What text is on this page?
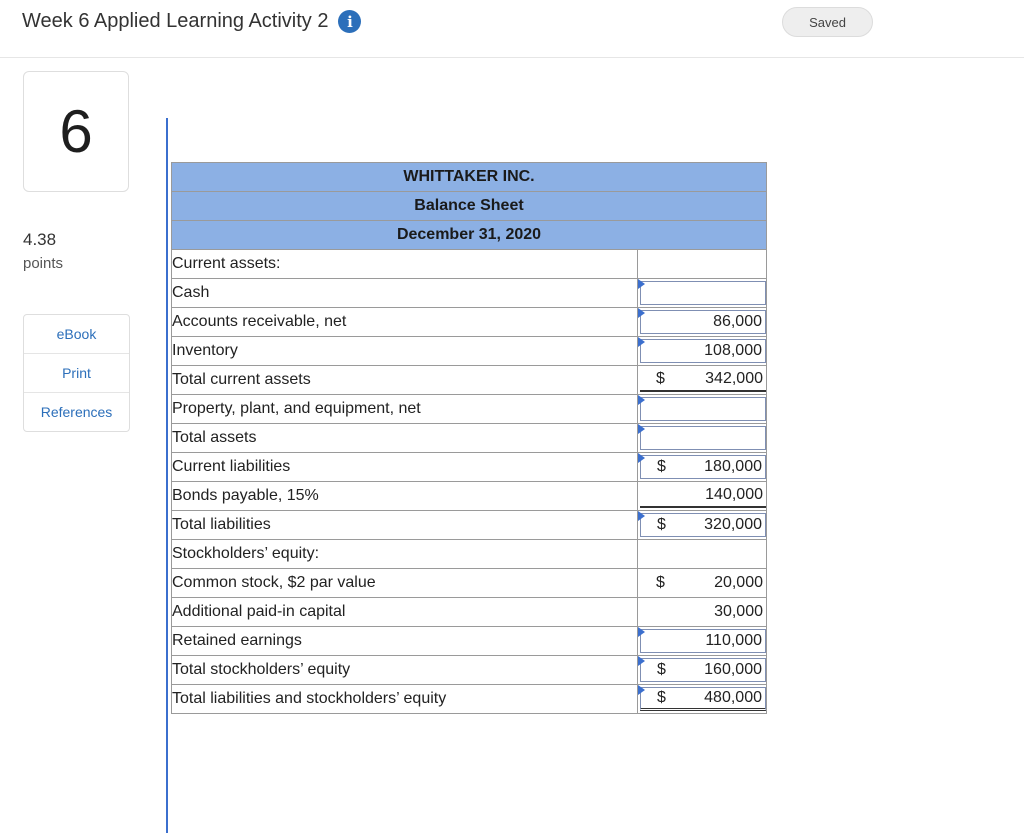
Week 6 Applied Learning Activity 2	i	Saved
6
4.38
points
eBook
Print
References
WHITTAKER INC.	
Balance Sheet	
December 31, 2020	
Current assets:	
Cash	

Accounts receivable, net	86,000

Inventory	108,000

Total current assets	$ 342,000

Property, plant, and equipment, net	

Total assets	

Current liabilities	$ 180,000

Bonds payable, 15%	140,000

Total liabilities	$ 320,000

Stockholders’ equity:	
Common stock, $2 par value	$ 20,000

Additional paid-in capital	30,000

Retained earnings	110,000

Total stockholders’ equity	$ 160,000

Total liabilities and stockholders’ equity	$ 480,000
